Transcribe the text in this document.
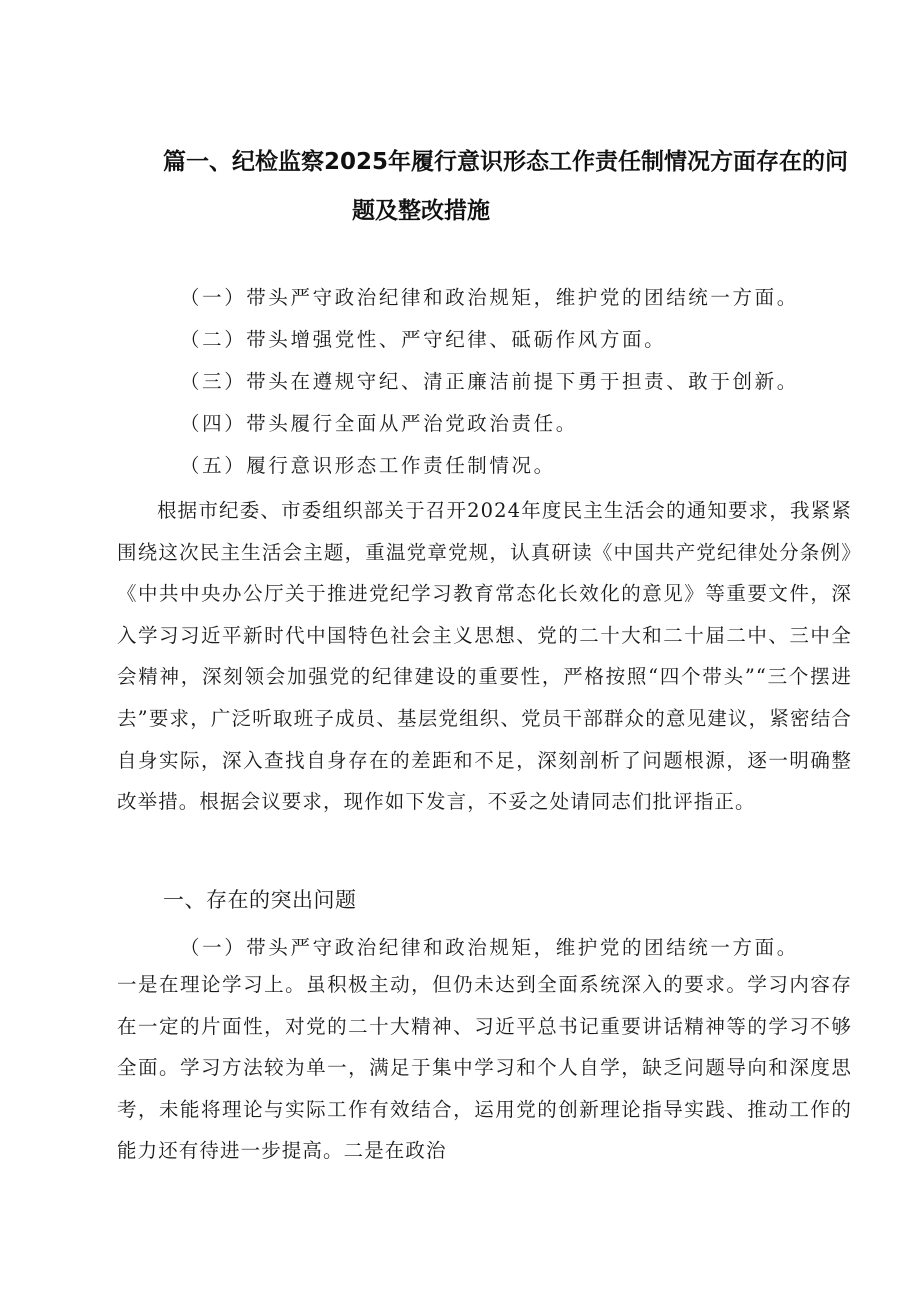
篇一、纪检监察2025年履行意识形态工作责任制情况方面存在的问
题及整改措施
（一）带头严守政治纪律和政治规矩，维护党的团结统一方面。
（二）带头增强党性、严守纪律、砥砺作风方面。
（三）带头在遵规守纪、清正廉洁前提下勇于担责、敢于创新。
（四）带头履行全面从严治党政治责任。
（五）履行意识形态工作责任制情况。
根据市纪委、市委组织部关于召开2024年度民主生活会的通知要求，我紧紧围绕这次民主生活会主题，重温党章党规，认真研读《中国共产党纪律处分条例》《中共中央办公厅关于推进党纪学习教育常态化长效化的意见》等重要文件，深入学习习近平新时代中国特色社会主义思想、党的二十大和二十届二中、三中全会精神，深刻领会加强党的纪律建设的重要性，严格按照“四个带头”“三个摆进去”要求，广泛听取班子成员、基层党组织、党员干部群众的意见建议，紧密结合自身实际，深入查找自身存在的差距和不足，深刻剖析了问题根源，逐一明确整改举措。根据会议要求，现作如下发言，不妥之处请同志们批评指正。
一、存在的突出问题
（一）带头严守政治纪律和政治规矩，维护党的团结统一方面。
一是在理论学习上。虽积极主动，但仍未达到全面系统深入的要求。学习内容存在一定的片面性，对党的二十大精神、习近平总书记重要讲话精神等的学习不够全面。学习方法较为单一，满足于集中学习和个人自学，缺乏问题导向和深度思考，未能将理论与实际工作有效结合，运用党的创新理论指导实践、推动工作的能力还有待进一步提高。二是在政治
